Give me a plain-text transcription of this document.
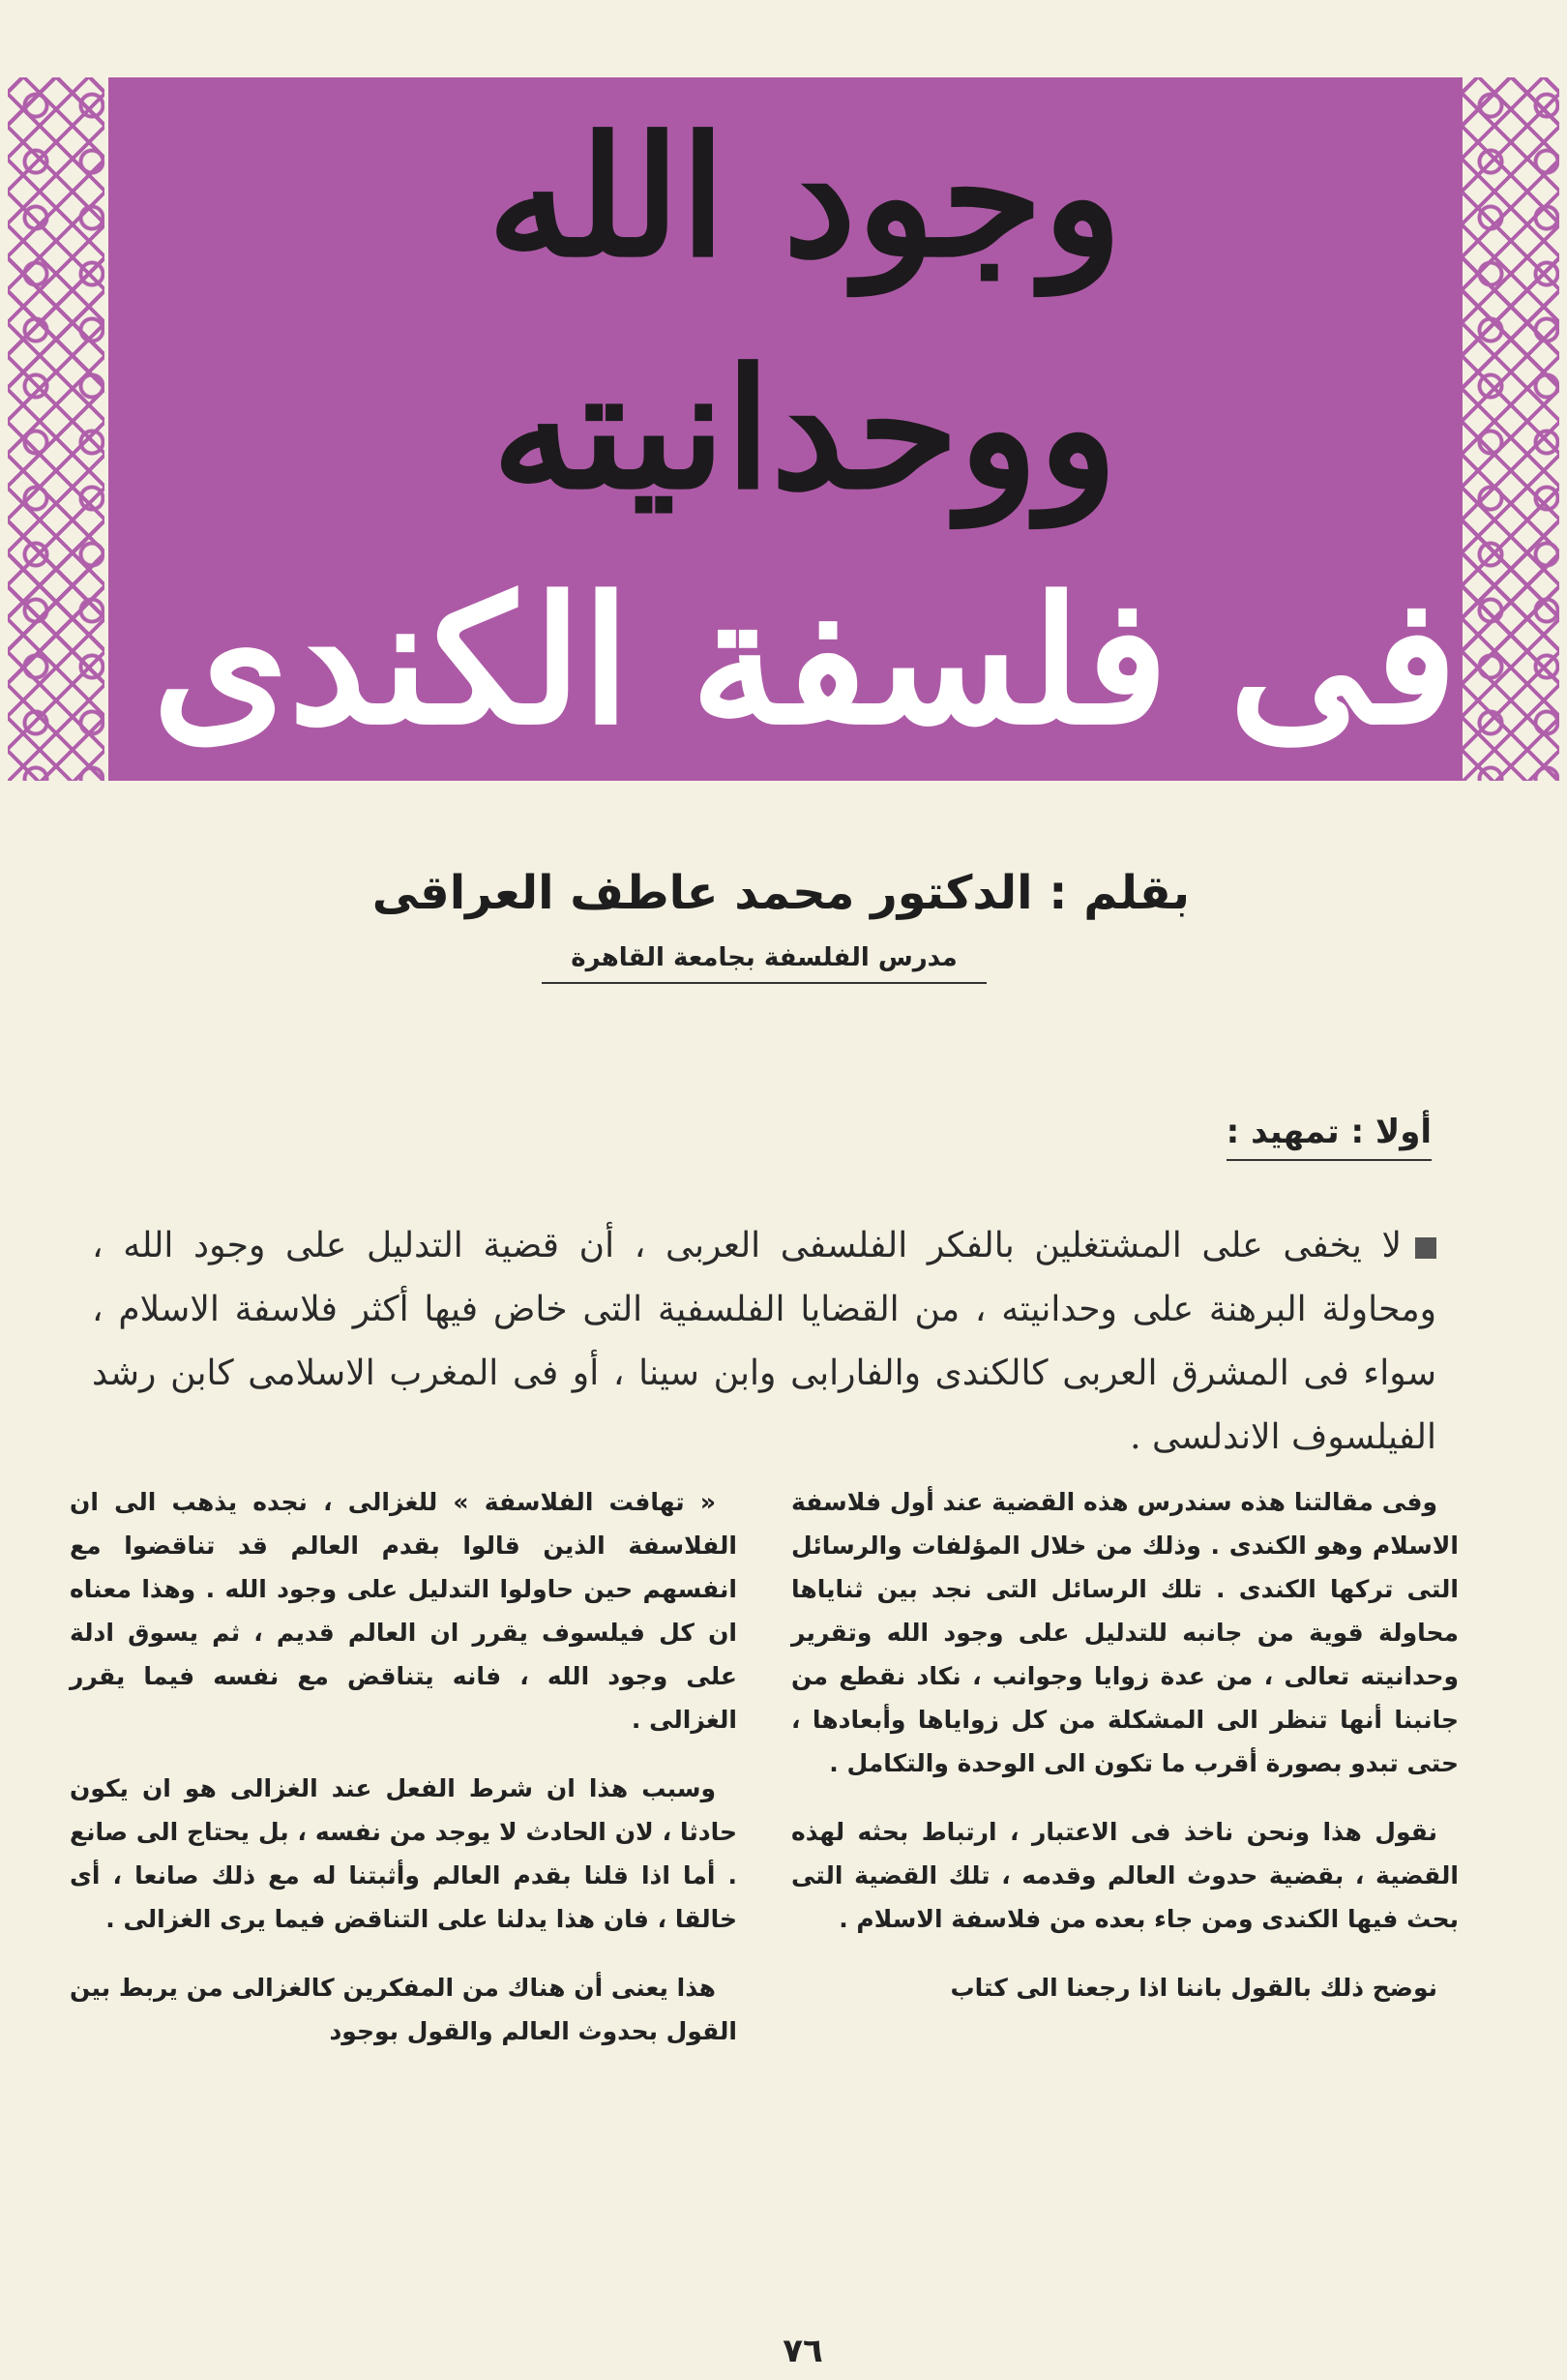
وجود الله
ووحدانيته
فى فلسفة الكندى
بقلم : الدكتور محمد عاطف العراقى
مدرس الفلسفة بجامعة القاهرة
أولا : تمهيد :
لا يخفى على المشتغلين بالفكر الفلسفى العربى ، أن قضية التدليل على وجود الله ، ومحاولة البرهنة على وحدانيته ، من القضايا الفلسفية التى خاض فيها أكثر فلاسفة الاسلام ، سواء فى المشرق العربى كالكندى والفارابى وابن سينا ، أو فى المغرب الاسلامى كابن رشد الفيلسوف الاندلسى .

وفى مقالتنا هذه سندرس هذه القضية عند أول فلاسفة الاسلام وهو الكندى . وذلك من خلال المؤلفات والرسائل التى تركها الكندى . تلك الرسائل التى نجد بين ثناياها محاولة قوية من جانبه للتدليل على وجود الله وتقرير وحدانيته تعالى ، من عدة زوايا وجوانب ، نكاد نقطع من جانبنا أنها تنظر الى المشكلة من كل زواياها وأبعادها ، حتى تبدو بصورة أقرب ما تكون الى الوحدة والتكامل .

نقول هذا ونحن ناخذ فى الاعتبار ، ارتباط بحثه لهذه القضية ، بقضية حدوث العالم وقدمه ، تلك القضية التى بحث فيها الكندى ومن جاء بعده من فلاسفة الاسلام .

نوضح ذلك بالقول باننا اذا رجعنا الى كتاب

« تهافت الفلاسفة » للغزالى ، نجده يذهب الى ان الفلاسفة الذين قالوا بقدم العالم قد تناقضوا مع انفسهم حين حاولوا التدليل على وجود الله . وهذا معناه ان كل فيلسوف يقرر ان العالم قديم ، ثم يسوق ادلة على وجود الله ، فانه يتناقض مع نفسه فيما يقرر الغزالى .

وسبب هذا ان شرط الفعل عند الغزالى هو ان يكون حادثا ، لان الحادث لا يوجد من نفسه ، بل يحتاج الى صانع . أما اذا قلنا بقدم العالم وأثبتنا له مع ذلك صانعا ، أى خالقا ، فان هذا يدلنا على التناقض فيما يرى الغزالى .

هذا يعنى أن هناك من المفكرين كالغزالى من يربط بين القول بحدوث العالم والقول بوجود

٧٦
